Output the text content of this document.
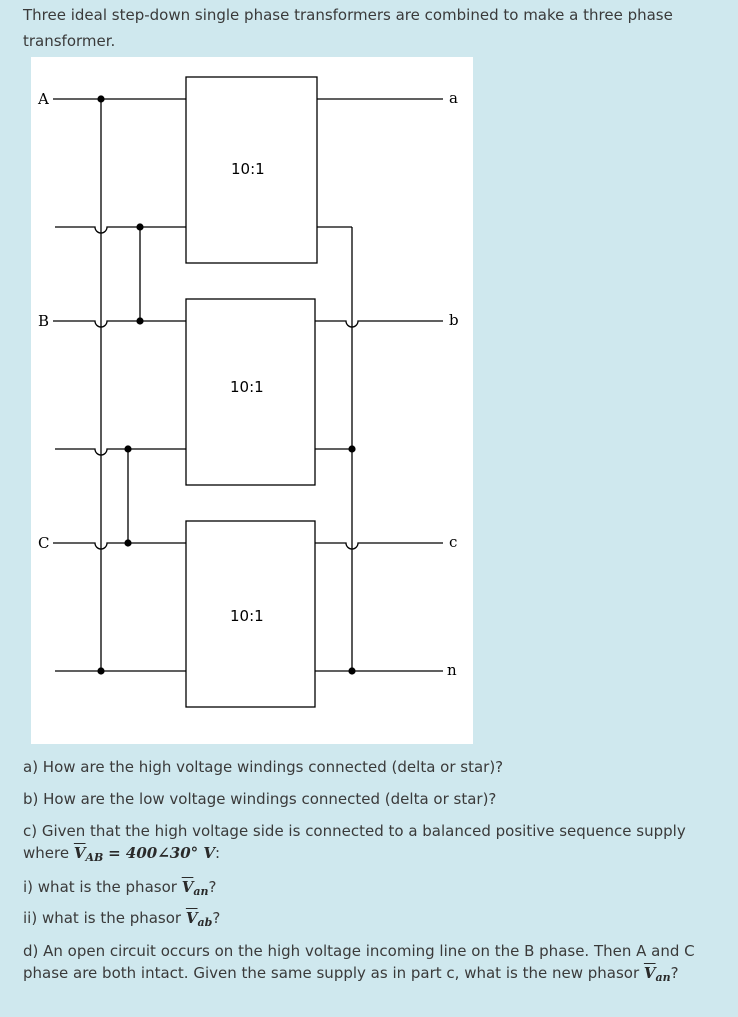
Three ideal step-down single phase transformers are combined to make a three phase transformer.
10:1
10:1
10:1
A
B
C
a
b
c
n
a) How are the high voltage windings connected (delta or star)?
b) How are the low voltage windings connected (delta or star)?
c) Given that the high voltage side is connected to a balanced positive sequence supply
where $\overline{V}_{AB}$ = 400∠30° V:
i) what is the phasor $\overline{V}_{an}$?
ii) what is the phasor $\overline{V}_{ab}$?
d) An open circuit occurs on the high voltage incoming line on the B phase. Then A and C
phase are both intact. Given the same supply as in part c, what is the new phasor $\overline{V}_{an}$?
